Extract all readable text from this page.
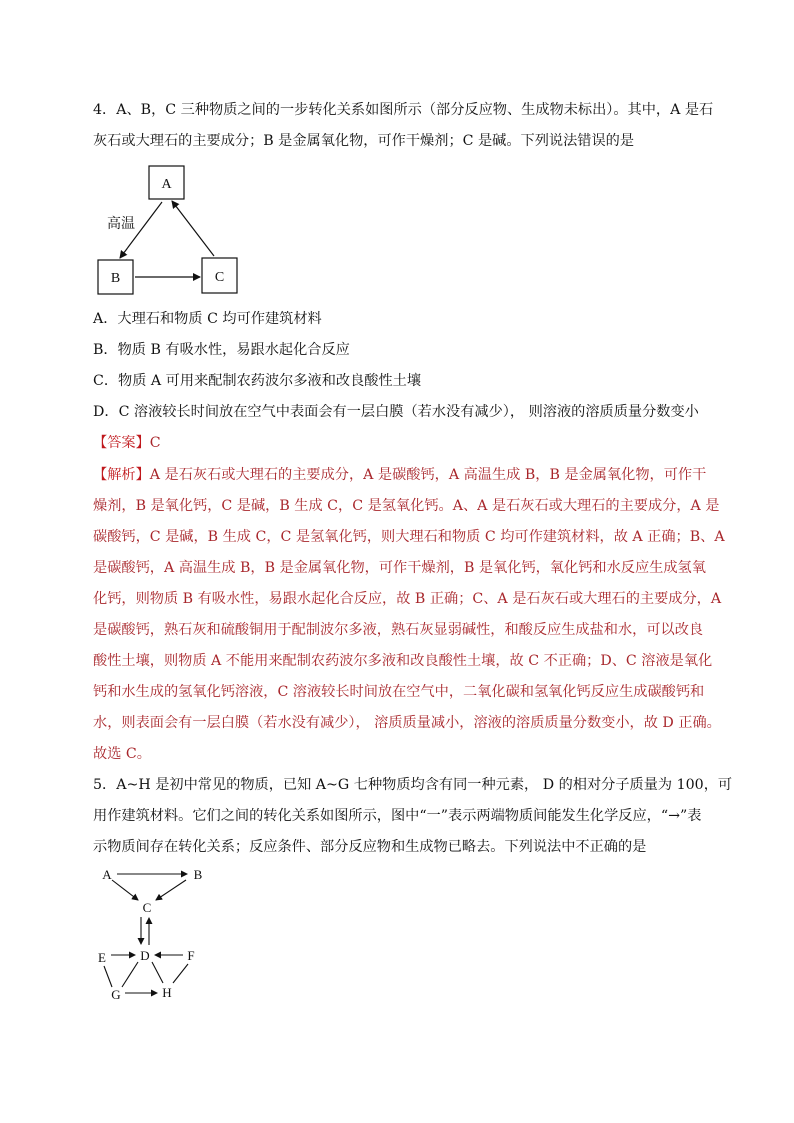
4．A、B，C 三种物质之间的一步转化关系如图所示（部分反应物、生成物未标出）。其中，A 是石
灰石或大理石的主要成分；B 是金属氧化物，可作干燥剂；C 是碱。下列说法错误的是
A
B	C
高温
A．大理石和物质 C 均可作建筑材料
B．物质 B 有吸水性，易跟水起化合反应
C．物质 A 可用来配制农药波尔多液和改良酸性土壤
D．C 溶液较长时间放在空气中表面会有一层白膜（若水没有减少）， 则溶液的溶质质量分数变小
【答案】C
【解析】A 是石灰石或大理石的主要成分，A 是碳酸钙，A 高温生成 B，B 是金属氧化物，可作干
燥剂，B 是氧化钙，C 是碱，B 生成 C，C 是氢氧化钙。A、A 是石灰石或大理石的主要成分，A 是
碳酸钙，C 是碱，B 生成 C，C 是氢氧化钙，则大理石和物质 C 均可作建筑材料，故 A 正确；B、A
是碳酸钙，A 高温生成 B，B 是金属氧化物，可作干燥剂，B 是氧化钙，氧化钙和水反应生成氢氧
化钙，则物质 B 有吸水性，易跟水起化合反应，故 B 正确；C、A 是石灰石或大理石的主要成分，A
是碳酸钙，熟石灰和硫酸铜用于配制波尔多液，熟石灰显弱碱性，和酸反应生成盐和水，可以改良
酸性土壤，则物质 A 不能用来配制农药波尔多液和改良酸性土壤，故 C 不正确；D、C 溶液是氧化
钙和水生成的氢氧化钙溶液，C 溶液较长时间放在空气中，二氧化碳和氢氧化钙反应生成碳酸钙和
水，则表面会有一层白膜（若水没有减少）， 溶质质量减小，溶液的溶质质量分数变小，故 D 正确。
故选 C。
5．A~H 是初中常见的物质，已知 A~G 七种物质均含有同一种元素， D 的相对分子质量为 100，可
用作建筑材料。它们之间的转化关系如图所示，图中“一”表示两端物质间能发生化学反应，“→”表
示物质间存在转化关系；反应条件、部分反应物和生成物已略去。下列说法中不正确的是
A	B
C
D
E	F
G	H
